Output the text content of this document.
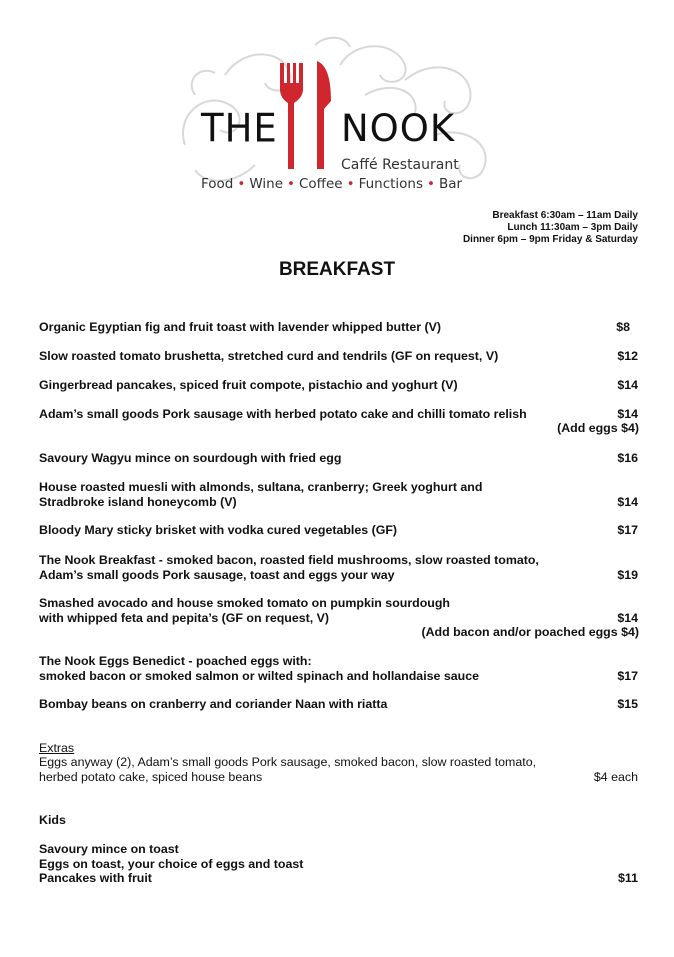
THE NOOK
Caffé Restaurant
Food • Wine • Coffee • Functions • Bar
Breakfast 6:30am – 11am Daily
Lunch 11:30am – 3pm Daily
Dinner 6pm – 9pm Friday & Saturday
BREAKFAST
Organic Egyptian fig and fruit toast with lavender whipped butter (V)	$8
Slow roasted tomato brushetta, stretched curd and tendrils (GF on request, V)	$12
Gingerbread pancakes, spiced fruit compote, pistachio and yoghurt (V)	$14
Adam’s small goods Pork sausage with herbed potato cake and chilli tomato relish	$14
(Add eggs $4)
Savoury Wagyu mince on sourdough with fried egg	$16
House roasted muesli with almonds, sultana, cranberry; Greek yoghurt and
Stradbroke island honeycomb (V)	$14
Bloody Mary sticky brisket with vodka cured vegetables (GF)	$17
The Nook Breakfast - smoked bacon, roasted field mushrooms, slow roasted tomato,
Adam’s small goods Pork sausage, toast and eggs your way	$19
Smashed avocado and house smoked tomato on pumpkin sourdough
with whipped feta and pepita’s (GF on request, V)	$14
(Add bacon and/or poached eggs $4)
The Nook Eggs Benedict - poached eggs with:
smoked bacon or smoked salmon or wilted spinach and hollandaise sauce	$17
Bombay beans on cranberry and coriander Naan with riatta	$15
Extras
Eggs anyway (2), Adam’s small goods Pork sausage, smoked bacon, slow roasted tomato,
herbed potato cake, spiced house beans	$4 each
Kids
Savoury mince on toast
Eggs on toast, your choice of eggs and toast
Pancakes with fruit	$11
